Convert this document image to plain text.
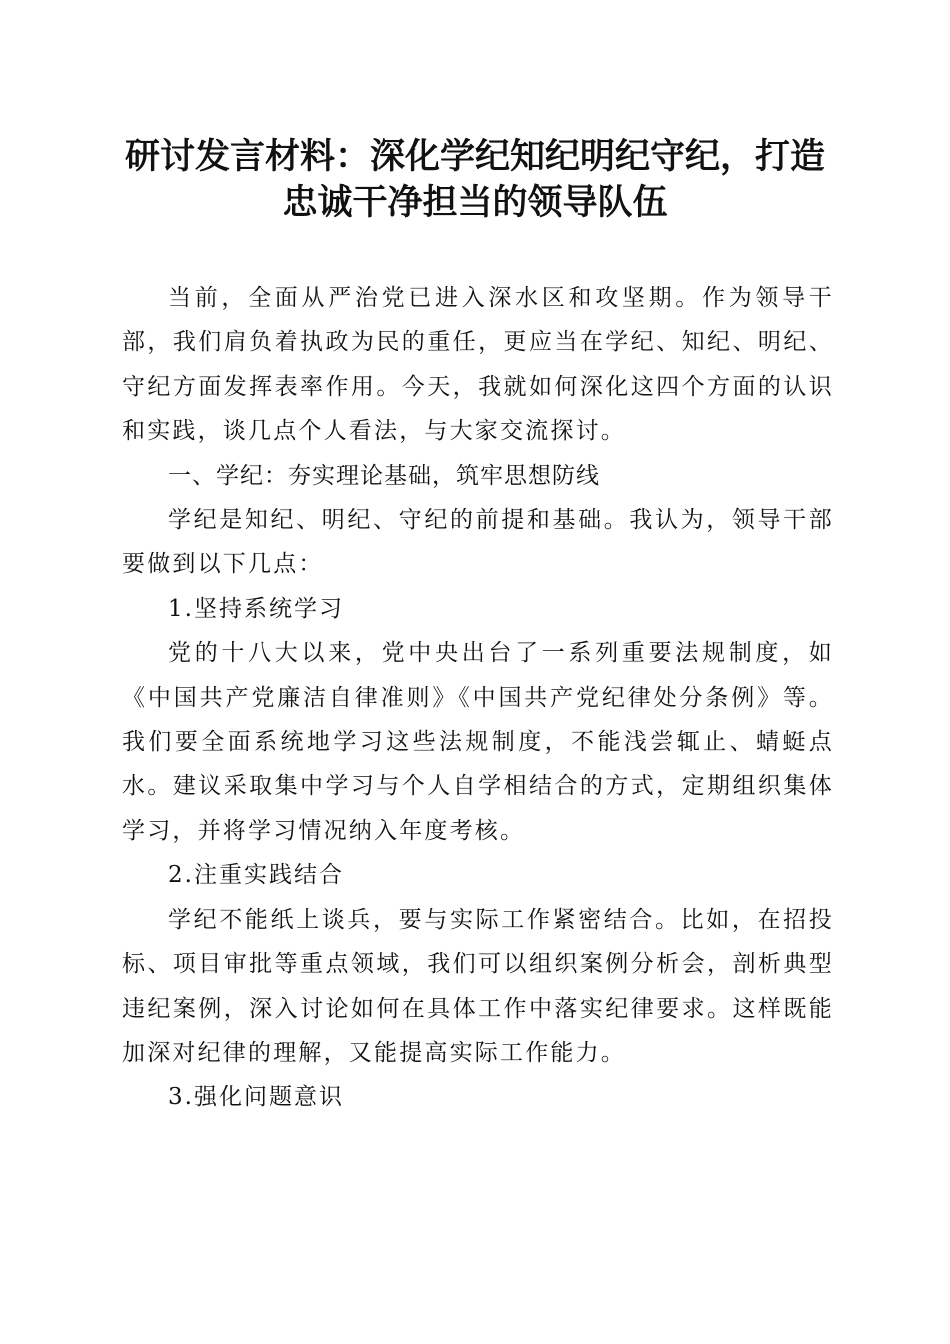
研讨发言材料：深化学纪知纪明纪守纪，打造
忠诚干净担当的领导队伍

当前，全面从严治党已进入深水区和攻坚期。作为领导干部，我们肩负着执政为民的重任，更应当在学纪、知纪、明纪、守纪方面发挥表率作用。今天，我就如何深化这四个方面的认识和实践，谈几点个人看法，与大家交流探讨。

一、学纪：夯实理论基础，筑牢思想防线

学纪是知纪、明纪、守纪的前提和基础。我认为，领导干部要做到以下几点：

1.坚持系统学习

党的十八大以来，党中央出台了一系列重要法规制度，如《中国共产党廉洁自律准则》《中国共产党纪律处分条例》等。我们要全面系统地学习这些法规制度，不能浅尝辄止、蜻蜓点水。建议采取集中学习与个人自学相结合的方式，定期组织集体学习，并将学习情况纳入年度考核。

2.注重实践结合

学纪不能纸上谈兵，要与实际工作紧密结合。比如，在招投标、项目审批等重点领域，我们可以组织案例分析会，剖析典型违纪案例，深入讨论如何在具体工作中落实纪律要求。这样既能加深对纪律的理解，又能提高实际工作能力。

3.强化问题意识
